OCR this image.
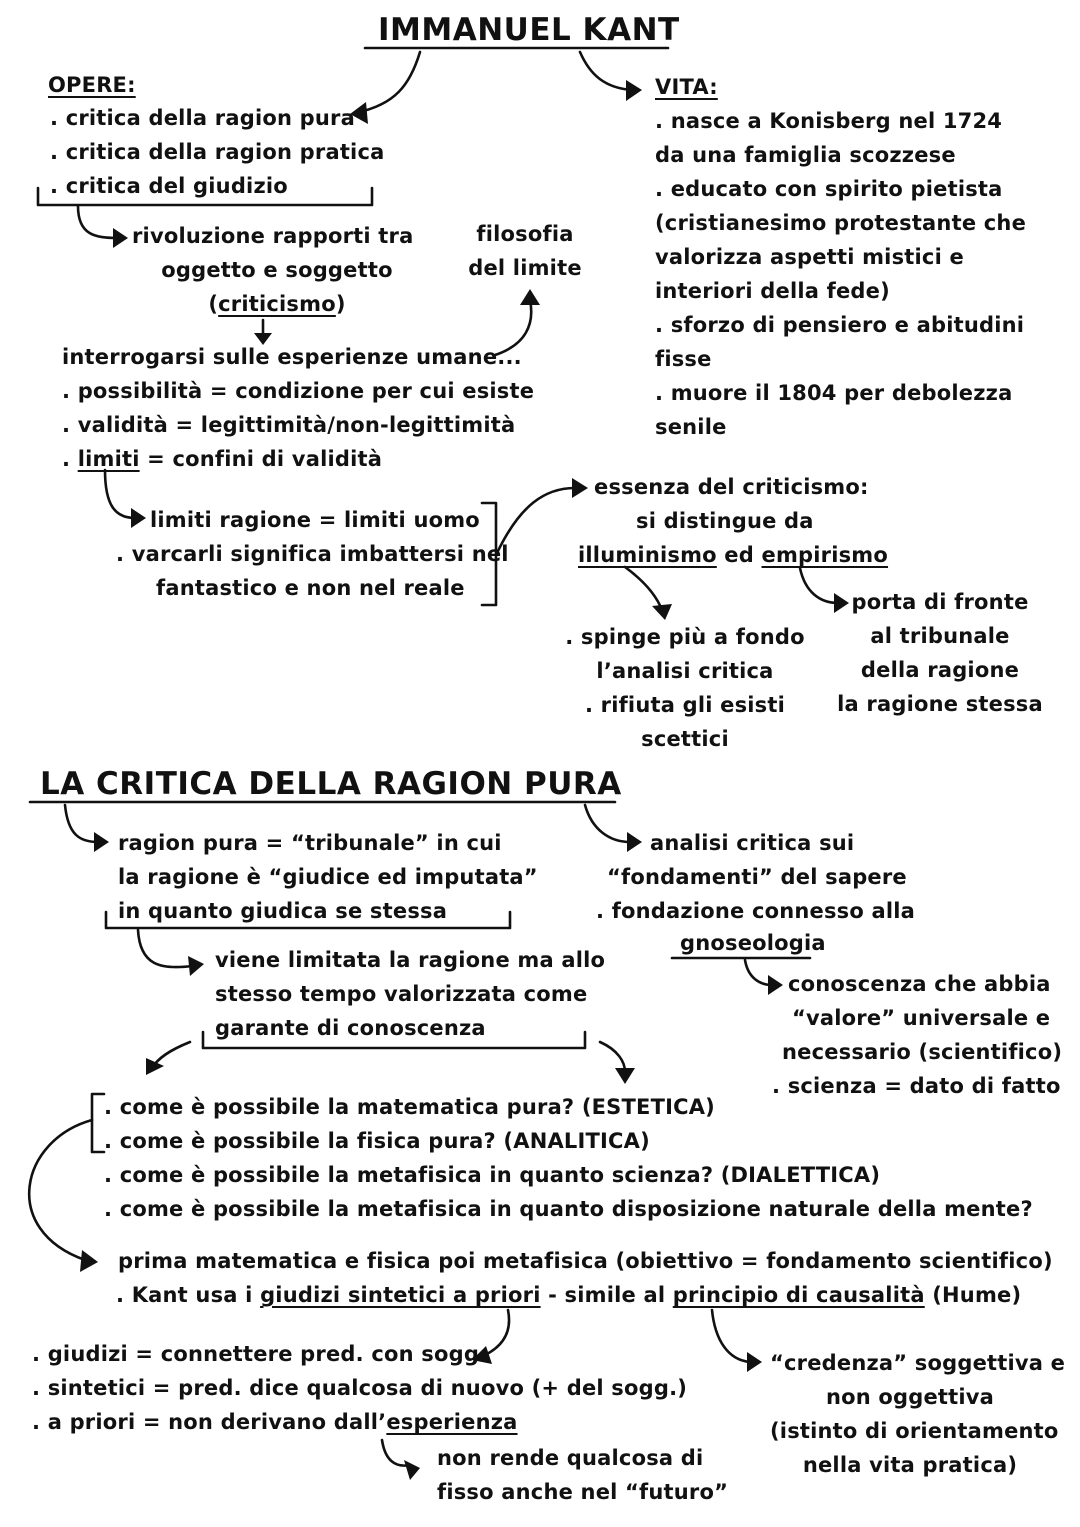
IMMANUEL KANT
OPERE:
. critica della ragion pura
. critica della ragion pratica
. critica del giudizio
VITA:
. nasce a Konisberg nel 1724
da una famiglia scozzese
. educato con spirito pietista
(cristianesimo protestante che
valorizza aspetti mistici e
interiori della fede)
. sforzo di pensiero e abitudini
fisse
. muore il 1804 per debolezza
senile
rivoluzione rapporti tra
oggetto e soggetto
(criticismo)
filosofia
del limite
interrogarsi sulle esperienze umane...
. possibilità = condizione per cui esiste
. validità = legittimità/non-legittimità
. limiti = confini di validità
limiti ragione = limiti uomo
. varcarli significa imbattersi nel
fantastico e non nel reale
essenza del criticismo:
si distingue da
illuminismo ed empirismo
. spinge più a fondo
l’analisi critica
. rifiuta gli esisti
scettici
porta di fronte
al tribunale
della ragione
la ragione stessa
LA CRITICA DELLA RAGION PURA
ragion pura = “tribunale” in cui
la ragione è “giudice ed imputata”
in quanto giudica se stessa
analisi critica sui
“fondamenti” del sapere
. fondazione connesso alla
gnoseologia
conoscenza che abbia
“valore” universale e
necessario (scientifico)
. scienza = dato di fatto
viene limitata la ragione ma allo
stesso tempo valorizzata come
garante di conoscenza
. come è possibile la matematica pura? (ESTETICA)
. come è possibile la fisica pura? (ANALITICA)
. come è possibile la metafisica in quanto scienza? (DIALETTICA)
. come è possibile la metafisica in quanto disposizione naturale della mente?
prima matematica e fisica poi metafisica (obiettivo = fondamento scientifico)
. Kant usa i giudizi sintetici a priori - simile al principio di causalità (Hume)
. giudizi = connettere pred. con sogg.
. sintetici = pred. dice qualcosa di nuovo (+ del sogg.)
. a priori = non derivano dall’esperienza
non rende qualcosa di
fisso anche nel “futuro”
“credenza” soggettiva e
non oggettiva
(istinto di orientamento
nella vita pratica)
